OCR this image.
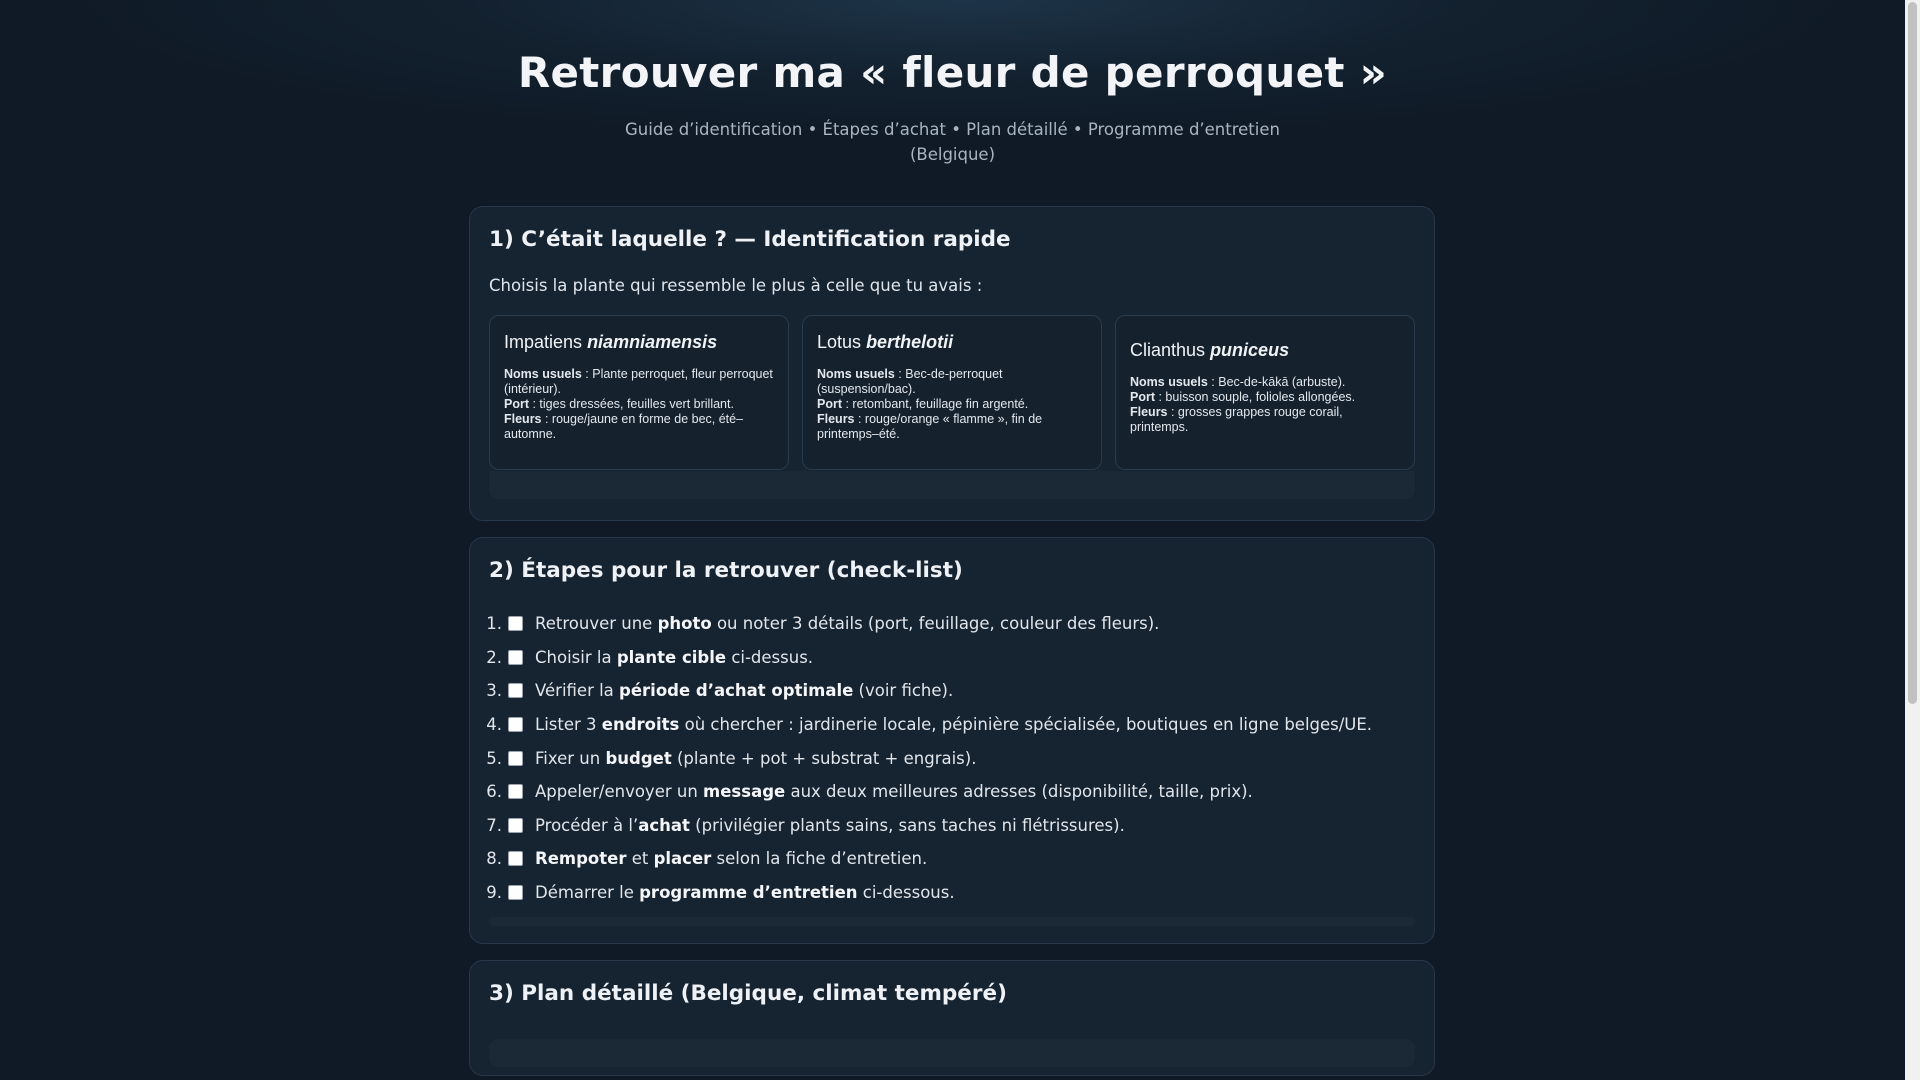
Retrouver ma « fleur de perroquet »
Guide d’identification • Étapes d’achat • Plan détaillé • Programme d’entretien (Belgique)
1) C’était laquelle ? — Identification rapide
Choisis la plante qui ressemble le plus à celle que tu avais :
Impatiens niamniamensis

Noms usuels : Plante perroquet, fleur perroquet (intérieur).

Port : tiges dressées, feuilles vert brillant.

Fleurs : rouge/jaune en forme de bec, été–automne.

Lotus berthelotii

Noms usuels : Bec-de-perroquet (suspension/bac).

Port : retombant, feuillage fin argenté.

Fleurs : rouge/orange « flamme », fin de printemps–été.

Clianthus puniceus

Noms usuels : Bec-de-kākā (arbuste).

Port : buisson souple, folioles allongées.

Fleurs : grosses grappes rouge corail, printemps.

2) Étapes pour la retrouver (check-list)
1. Retrouver une photo ou noter 3 détails (port, feuillage, couleur des fleurs).
2. Choisir la plante cible ci-dessus.
3. Vérifier la période d’achat optimale (voir fiche).
4. Lister 3 endroits où chercher : jardinerie locale, pépinière spécialisée, boutiques en ligne belges/UE.
5. Fixer un budget (plante + pot + substrat + engrais).
6. Appeler/envoyer un message aux deux meilleures adresses (disponibilité, taille, prix).
7. Procéder à l’achat (privilégier plants sains, sans taches ni flétrissures).
8. Rempoter et placer selon la fiche d’entretien.
9. Démarrer le programme d’entretien ci-dessous.
3) Plan détaillé (Belgique, climat tempéré)
